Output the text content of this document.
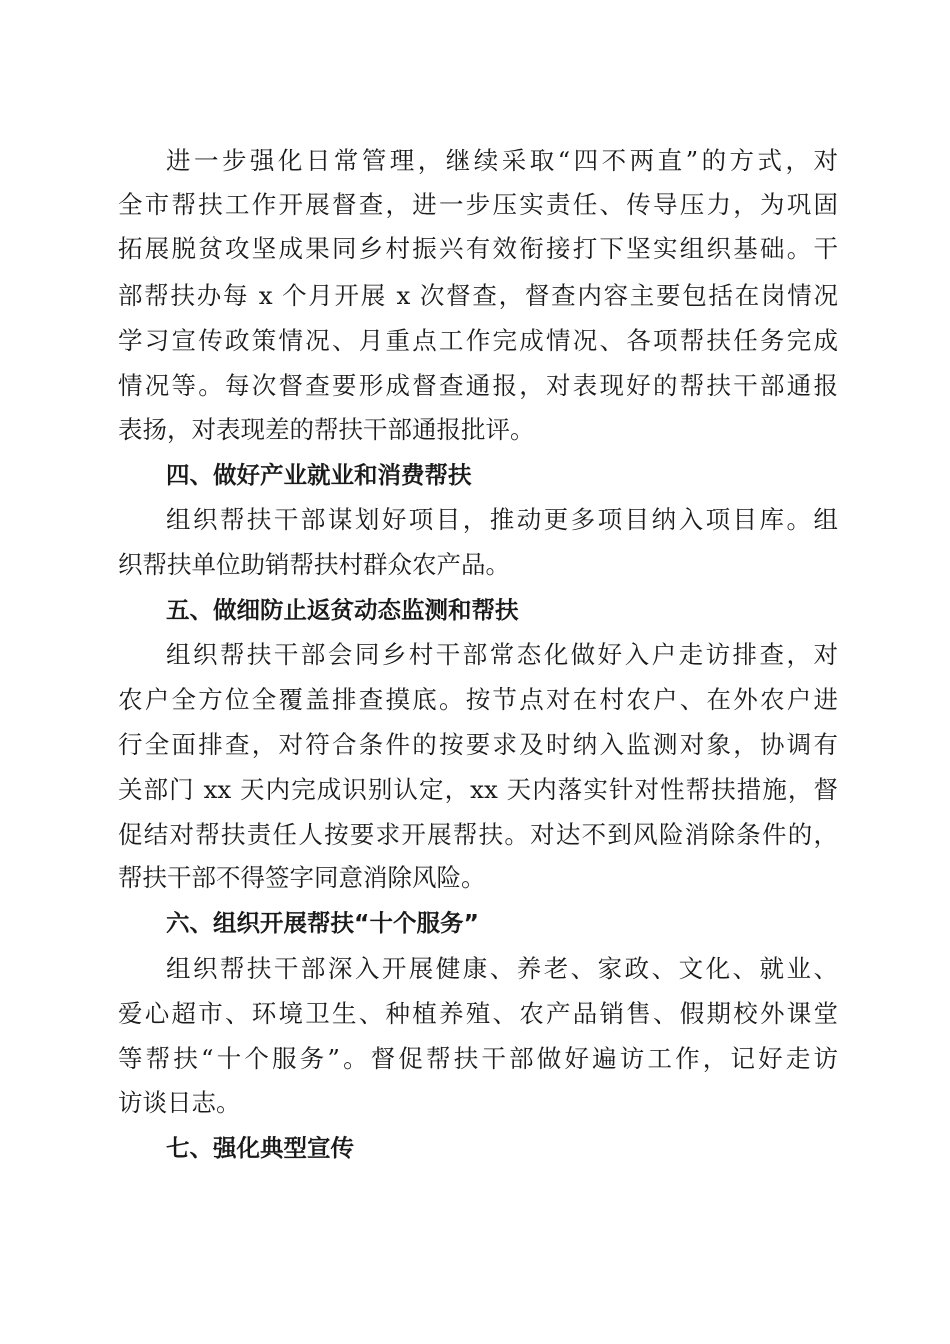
进一步强化日常管理，继续采取“四不两直”的方式，对
全市帮扶工作开展督查，进一步压实责任、传导压力，为巩固
拓展脱贫攻坚成果同乡村振兴有效衔接打下坚实组织基础。干
部帮扶办每 x 个月开展 x 次督查，督查内容主要包括在岗情况
学习宣传政策情况、月重点工作完成情况、各项帮扶任务完成
情况等。每次督查要形成督查通报，对表现好的帮扶干部通报
表扬，对表现差的帮扶干部通报批评。
四、做好产业就业和消费帮扶
组织帮扶干部谋划好项目，推动更多项目纳入项目库。组
织帮扶单位助销帮扶村群众农产品。
五、做细防止返贫动态监测和帮扶
组织帮扶干部会同乡村干部常态化做好入户走访排查，对
农户全方位全覆盖排查摸底。按节点对在村农户、在外农户进
行全面排查，对符合条件的按要求及时纳入监测对象，协调有
关部门 xx 天内完成识别认定，xx 天内落实针对性帮扶措施，督
促结对帮扶责任人按要求开展帮扶。对达不到风险消除条件的，
帮扶干部不得签字同意消除风险。
六、组织开展帮扶“十个服务”
组织帮扶干部深入开展健康、养老、家政、文化、就业、
爱心超市、环境卫生、种植养殖、农产品销售、假期校外课堂
等帮扶“十个服务”。督促帮扶干部做好遍访工作，记好走访
访谈日志。
七、强化典型宣传
